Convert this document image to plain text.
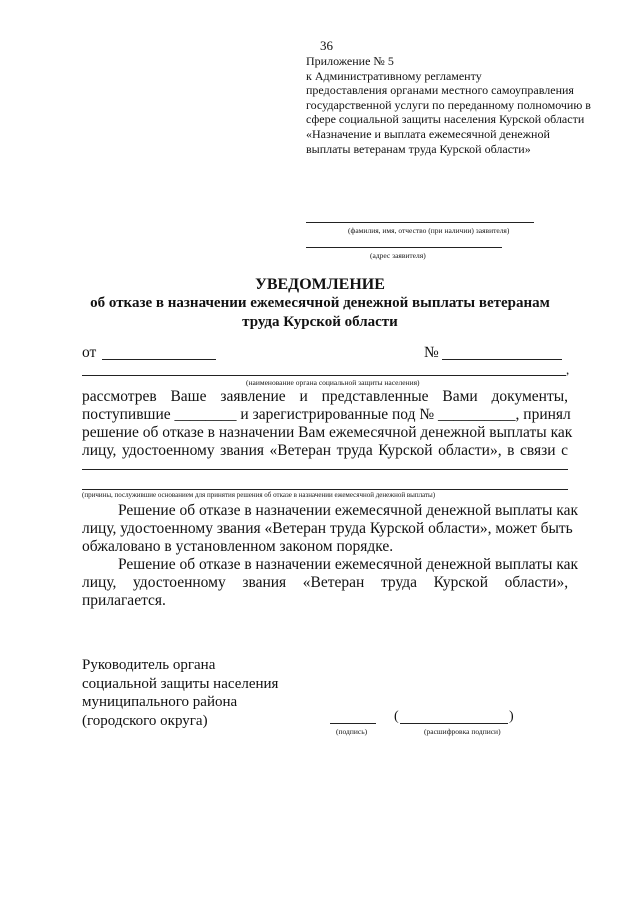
36
Приложение № 5
к Административному регламенту
предоставления органами местного самоуправления
государственной услуги по переданному полномочию в
сфере социальной защиты населения Курской области
«Назначение и выплата ежемесячной денежной
выплаты ветеранам труда Курской области»
(фамилия, имя, отчество (при наличии) заявителя)
(адрес заявителя)
УВЕДОМЛЕНИЕ
об отказе в назначении ежемесячной денежной выплаты ветеранам
труда Курской области
от	№
,
(наименование органа социальной защиты населения)
рассмотрев Ваше заявление и представленные Вами документы,
поступившие ________ и зарегистрированные под № __________, принял
решение об отказе в назначении Вам ежемесячной денежной выплаты как
лицу, удостоенному звания «Ветеран труда Курской области», в связи с
(причины, послужившие основанием для принятия решения об отказе в назначении ежемесячной денежной выплаты)
Решение об отказе в назначении ежемесячной денежной выплаты как
лицу, удостоенному звания «Ветеран труда Курской области», может быть
обжаловано в установленном законом порядке.
Решение об отказе в назначении ежемесячной денежной выплаты как
лицу, удостоенному звания «Ветеран труда Курской области»,
прилагается.
Руководитель органа
социальной защиты населения
муниципального района
(городского округа)
(подпись)
(	)
(расшифровка подписи)
